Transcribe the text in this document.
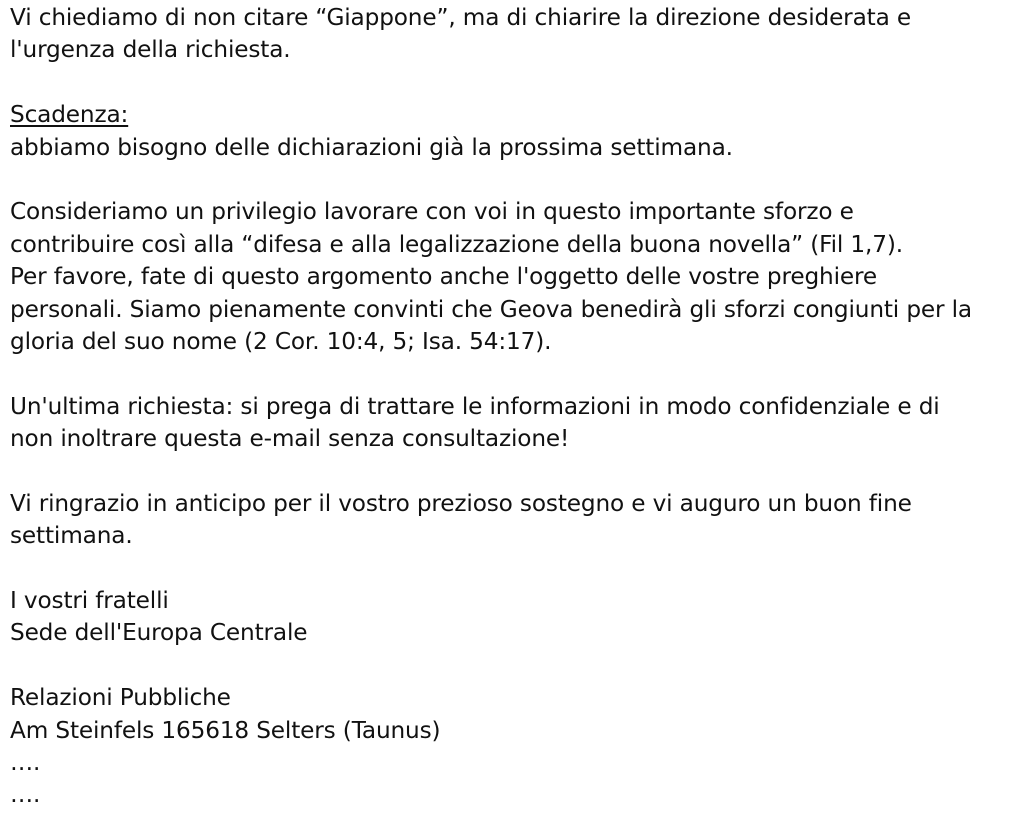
Vi chiediamo di non citare “Giappone”, ma di chiarire la direzione desiderata e
l'urgenza della richiesta.
Scadenza:
abbiamo bisogno delle dichiarazioni già la prossima settimana.
Consideriamo un privilegio lavorare con voi in questo importante sforzo e
contribuire così alla “difesa e alla legalizzazione della buona novella” (Fil 1,7).
Per favore, fate di questo argomento anche l'oggetto delle vostre preghiere
personali. Siamo pienamente convinti che Geova benedirà gli sforzi congiunti per la
gloria del suo nome (2 Cor. 10:4, 5; Isa. 54:17).
Un'ultima richiesta: si prega di trattare le informazioni in modo confidenziale e di
non inoltrare questa e-mail senza consultazione!
Vi ringrazio in anticipo per il vostro prezioso sostegno e vi auguro un buon fine
settimana.
I vostri fratelli
Sede dell'Europa Centrale
Relazioni Pubbliche
Am Steinfels 165618 Selters (Taunus)
….
….
